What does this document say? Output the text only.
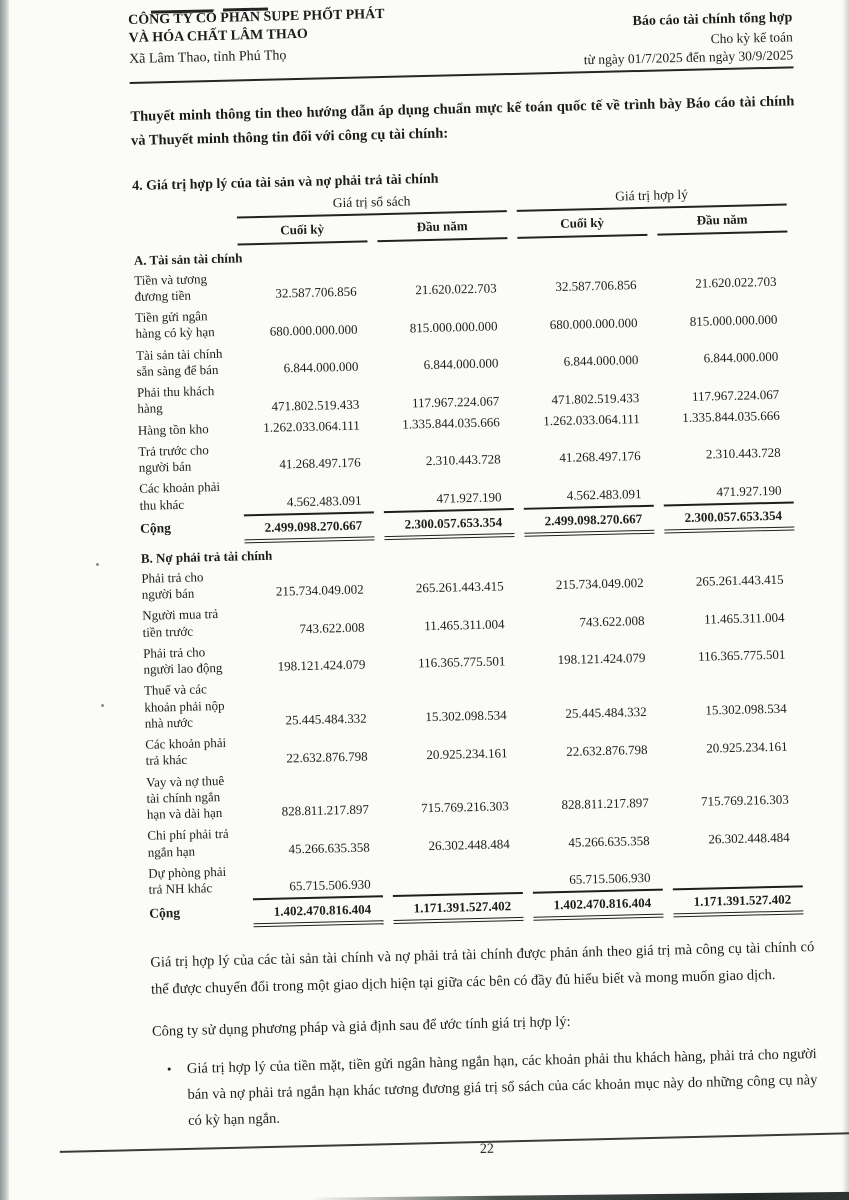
CÔNG TY CỔ PHẦN SUPE PHỐT PHÁT
VÀ HÓA CHẤT LÂM THAO
Xã Lâm Thao, tỉnh Phú Thọ
Báo cáo tài chính tổng hợp
Cho kỳ kế toán
từ ngày 01/7/2025 đến ngày 30/9/2025

Thuyết minh thông tin theo hướng dẫn áp dụng chuẩn mực kế toán quốc tế về trình bày Báo cáo tài chính và Thuyết minh thông tin đối với công cụ tài chính:

4. Giá trị hợp lý của tài sản và nợ phải trả tài chính
	Giá trị sổ sách		Giá trị hợp lý	
	Cuối kỳ	Đầu năm	Cuối kỳ	Đầu năm
A. Tài sản tài chính				
Tiền và tương đương tiền	32.587.706.856	21.620.022.703	32.587.706.856	21.620.022.703
Tiền gửi ngân hàng có kỳ hạn	680.000.000.000	815.000.000.000	680.000.000.000	815.000.000.000
Tài sản tài chính sẵn sàng để bán	6.844.000.000	6.844.000.000	6.844.000.000	6.844.000.000
Phải thu khách hàng	471.802.519.433	117.967.224.067	471.802.519.433	117.967.224.067
Hàng tồn kho	1.262.033.064.111	1.335.844.035.666	1.262.033.064.111	1.335.844.035.666
Trả trước cho người bán	41.268.497.176	2.310.443.728	41.268.497.176	2.310.443.728
Các khoản phải thu khác	4.562.483.091	471.927.190	4.562.483.091	471.927.190
Cộng	2.499.098.270.667	2.300.057.653.354	2.499.098.270.667	2.300.057.653.354
B. Nợ phải trả tài chính				
Phải trả cho người bán	215.734.049.002	265.261.443.415	215.734.049.002	265.261.443.415
Người mua trả tiền trước	743.622.008	11.465.311.004	743.622.008	11.465.311.004
Phải trả cho người lao động	198.121.424.079	116.365.775.501	198.121.424.079	116.365.775.501
Thuế và các khoản phải nộp nhà nước	25.445.484.332	15.302.098.534	25.445.484.332	15.302.098.534
Các khoản phải trả khác	22.632.876.798	20.925.234.161	22.632.876.798	20.925.234.161
Vay và nợ thuê tài chính ngắn hạn và dài hạn	828.811.217.897	715.769.216.303	828.811.217.897	715.769.216.303
Chi phí phải trả ngắn hạn	45.266.635.358	26.302.448.484	45.266.635.358	26.302.448.484
Dự phòng phải trả NH khác	65.715.506.930		65.715.506.930	
Cộng	1.402.470.816.404	1.171.391.527.402	1.402.470.816.404	1.171.391.527.402

Giá trị hợp lý của các tài sản tài chính và nợ phải trả tài chính được phản ánh theo giá trị mà công cụ tài chính có thể được chuyển đổi trong một giao dịch hiện tại giữa các bên có đầy đủ hiểu biết và mong muốn giao dịch.

Công ty sử dụng phương pháp và giả định sau để ước tính giá trị hợp lý:

• Giá trị hợp lý của tiền mặt, tiền gửi ngân hàng ngắn hạn, các khoản phải thu khách hàng, phải trả cho người bán và nợ phải trả ngắn hạn khác tương đương giá trị sổ sách của các khoản mục này do những công cụ này có kỳ hạn ngắn.
22
